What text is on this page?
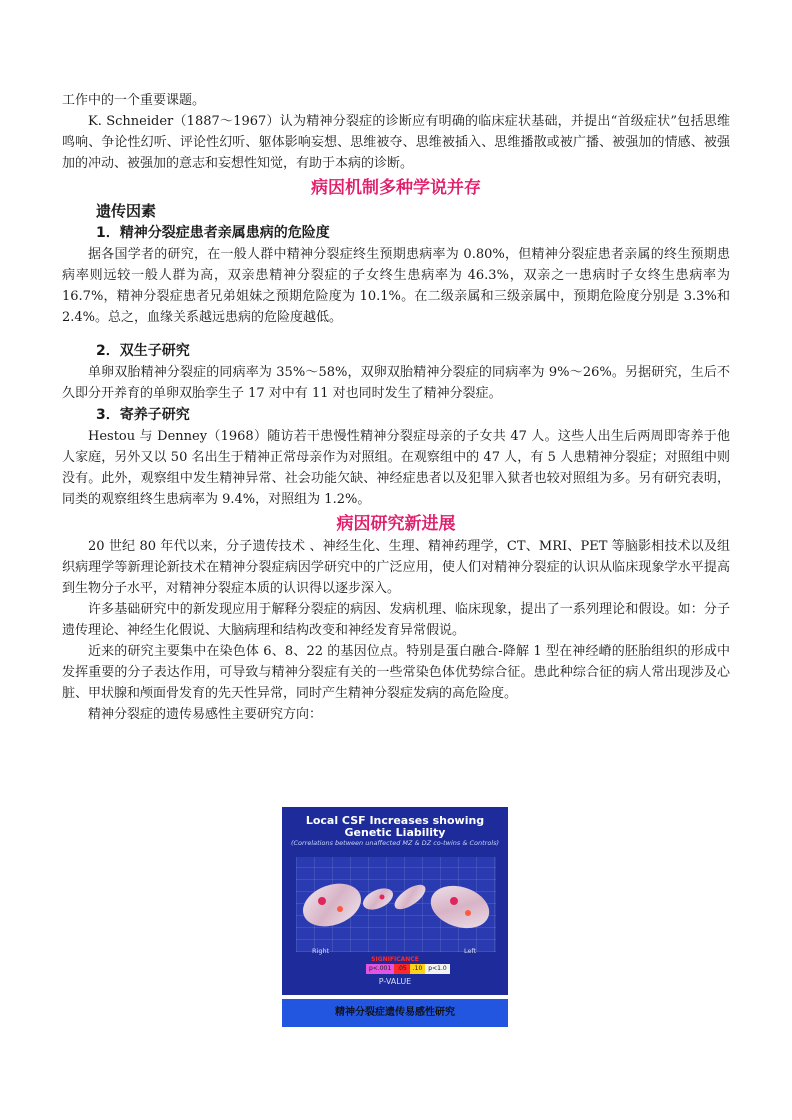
工作中的一个重要课题。

K. Schneider（1887～1967）认为精神分裂症的诊断应有明确的临床症状基础，并提出“首级症状”包括思维鸣响、争论性幻听、评论性幻听、躯体影响妄想、思维被夺、思维被插入、思维播散或被广播、被强加的情感、被强加的冲动、被强加的意志和妄想性知觉，有助于本病的诊断。

病因机制多种学说并存
遗传因素
1．精神分裂症患者亲属患病的危险度

据各国学者的研究，在一般人群中精神分裂症终生预期患病率为 0.80%，但精神分裂症患者亲属的终生预期患病率则远较一般人群为高，双亲患精神分裂症的子女终生患病率为 46.3%，双亲之一患病时子女终生患病率为 16.7%，精神分裂症患者兄弟姐妹之预期危险度为 10.1%。在二级亲属和三级亲属中，预期危险度分别是 3.3%和 2.4%。总之，血缘关系越远患病的危险度越低。

2．双生子研究

单卵双胎精神分裂症的同病率为 35%～58%，双卵双胎精神分裂症的同病率为 9%～26%。另据研究，生后不久即分开养育的单卵双胎孪生子 17 对中有 11 对也同时发生了精神分裂症。

3．寄养子研究

Hestou 与 Denney（1968）随访若干患慢性精神分裂症母亲的子女共 47 人。这些人出生后两周即寄养于他人家庭，另外又以 50 名出生于精神正常母亲作为对照组。在观察组中的 47 人，有 5 人患精神分裂症；对照组中则没有。此外，观察组中发生精神异常、社会功能欠缺、神经症患者以及犯罪入狱者也较对照组为多。另有研究表明，同类的观察组终生患病率为 9.4%，对照组为 1.2%。

病因研究新进展

20 世纪 80 年代以来，分子遗传技术 、神经生化、生理、精神药理学，CT、MRI、PET 等脑影相技术以及组织病理学等新理论新技术在精神分裂症病因学研究中的广泛应用，使人们对精神分裂症的认识从临床现象学水平提高到生物分子水平，对精神分裂症本质的认识得以逐步深入。

许多基础研究中的新发现应用于解释分裂症的病因、发病机理、临床现象，提出了一系列理论和假设。如：分子遗传理论、神经生化假说、大脑病理和结构改变和神经发育异常假说。

近来的研究主要集中在染色体 6、8、22 的基因位点。特别是蛋白融合-降解 1 型在神经嵴的胚胎组织的形成中发挥重要的分子表达作用，可导致与精神分裂症有关的一些常染色体优势综合征。患此种综合征的病人常出现涉及心脏、甲状腺和颅面骨发育的先天性异常，同时产生精神分裂症发病的高危险度。

精神分裂症的遗传易感性主要研究方向：

Local CSF Increases showing
Genetic Liability
(Correlations between unaffected MZ & DZ co-twins & Controls)
Right	Left
SIGNIFICANCE
p<.001	.05	.10	p<1.0
P-VALUE
精神分裂症遗传易感性研究
